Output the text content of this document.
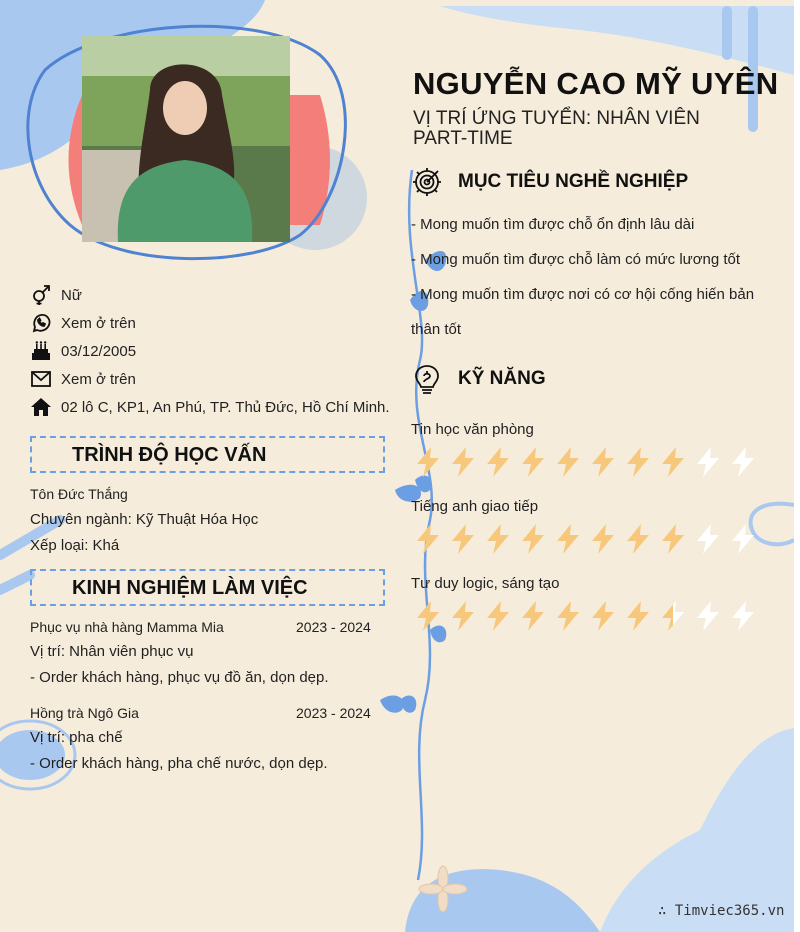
NGUYỄN CAO MỸ UYÊN
VỊ TRÍ ỨNG TUYỂN: NHÂN VIÊN PART-TIME
MỤC TIÊU NGHỀ NGHIỆP
- Mong muốn tìm được chỗ ổn định lâu dài
- Mong muốn tìm được chỗ làm có mức lương tốt
- Mong muốn tìm được nơi có cơ hội cống hiến bản
thân tốt
KỸ NĂNG
Tin học văn phòng
Tiếng anh giao tiếp
Tư duy logic, sáng tạo
Nữ
Xem ở trên
03/12/2005
Xem ở trên
02 lô C, KP1, An Phú, TP. Thủ Đức, Hồ Chí Minh.
TRÌNH ĐỘ HỌC VẤN
Tôn Đức Thắng
Chuyên ngành: Kỹ Thuật Hóa Học
Xếp loại: Khá
KINH NGHIỆM LÀM VIỆC
Phục vụ nhà hàng Mamma Mia	2023 - 2024
Vị trí: Nhân viên phục vụ
- Order khách hàng, phục vụ đồ ăn, dọn dẹp.
Hồng trà Ngô Gia	2023 - 2024
Vị trí: pha chế
- Order khách hàng, pha chế nước, dọn dẹp.
∴ Timviec365.vn
